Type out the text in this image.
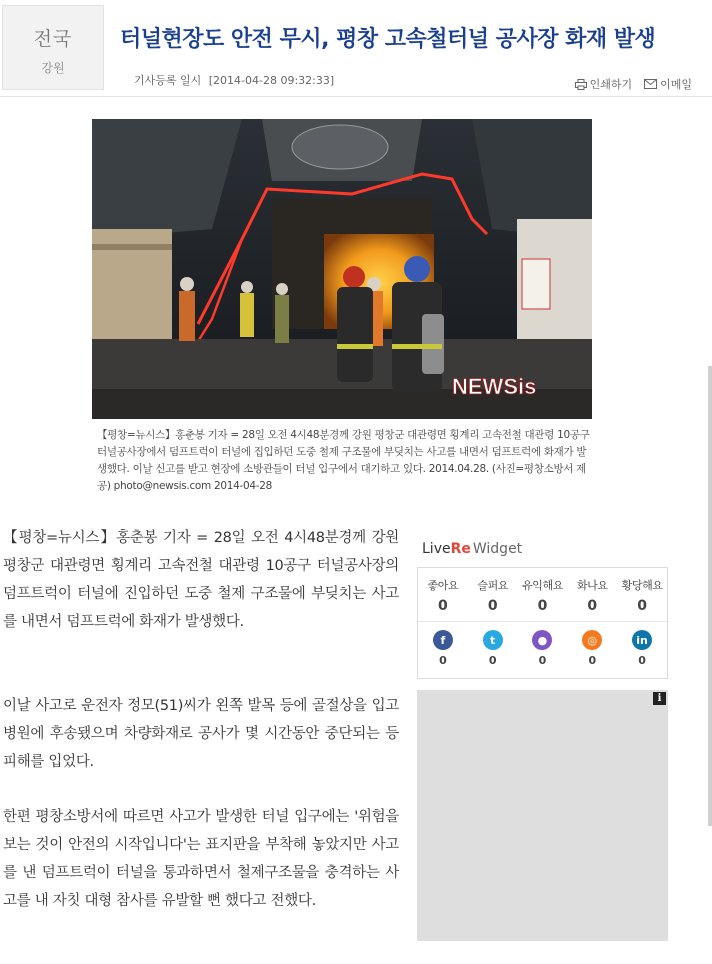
전국
강원
터널현장도 안전 무시, 평창 고속철터널 공사장 화재 발생
기사등록 일시 [2014-04-28 09:32:33]	인쇄하기	이메일
NEWSis
【평창=뉴시스】홍춘봉 기자 = 28일 오전 4시48분경께 강원 평창군 대관령면 횡계리 고속전철 대관령 10공구 터널공사장에서 덤프트럭이 터널에 집입하던 도중 철제 구조물에 부딪치는 사고를 내면서 덤프트럭에 화재가 발생했다. 이날 신고를 받고 현장에 소방관들이 터널 입구에서 대기하고 있다. 2014.04.28. (사진=평창소방서 제공) photo@newsis.com 2014-04-28

【평창=뉴시스】홍춘봉 기자 = 28일 오전 4시48분경께 강원 평창군 대관령면 횡계리 고속전철 대관령 10공구 터널공사장의 덤프트럭이 터널에 진입하던 도중 철제 구조물에 부딪치는 사고를 내면서 덤프트럭에 화재가 발생했다.

이날 사고로 운전자 정모(51)씨가 왼쪽 발목 등에 골절상을 입고 병원에 후송됐으며 차량화재로 공사가 몇 시간동안 중단되는 등 피해를 입었다.

한편 평창소방서에 따르면 사고가 발생한 터널 입구에는 '위험을 보는 것이 안전의 시작입니다'는 표지판을 부착해 놓았지만 사고를 낸 덤프트럭이 터널을 통과하면서 철제구조물을 충격하는 사고를 내 자칫 대형 참사를 유발할 뻔 했다고 전했다.

LiveRe Widget
좋아요
0
슬퍼요
0
유익해요
0
화나요
0
황당해요
0
f
0
t
0
●
0
◎
0
in
0
i
